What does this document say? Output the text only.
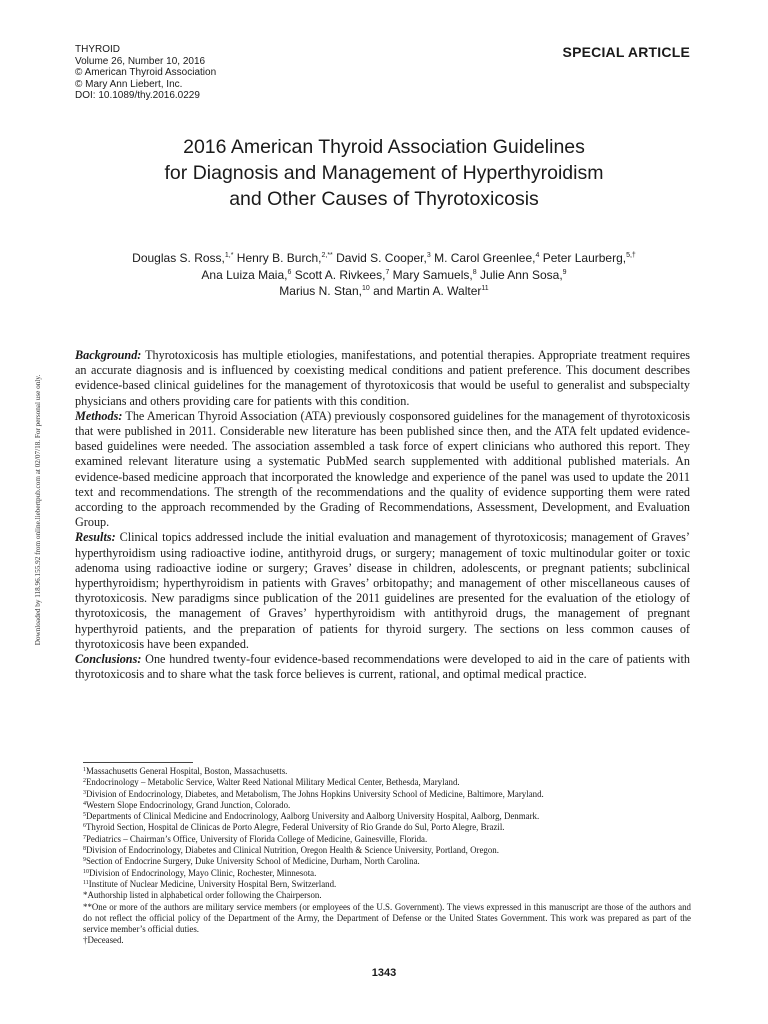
THYROID
Volume 26, Number 10, 2016
© American Thyroid Association
© Mary Ann Liebert, Inc.
DOI: 10.1089/thy.2016.0229
SPECIAL ARTICLE
2016 American Thyroid Association Guidelines
for Diagnosis and Management of Hyperthyroidism
and Other Causes of Thyrotoxicosis
Douglas S. Ross,$^{1,*}$ Henry B. Burch,$^{2,**}$ David S. Cooper,$^3$ M. Carol Greenlee,$^4$ Peter Laurberg,$^{5,\dagger}$
Ana Luiza Maia,$^6$ Scott A. Rivkees,$^7$ Mary Samuels,$^8$ Julie Ann Sosa,$^9$
Marius N. Stan,$^{10}$ and Martin A. Walter$^{11}$
Downloaded by 118.96.155.92 from online.liebertpub.com at 02/07/18. For personal use only.

Background: Thyrotoxicosis has multiple etiologies, manifestations, and potential therapies. Appropriate treatment requires an accurate diagnosis and is influenced by coexisting medical conditions and patient preference. This document describes evidence-based clinical guidelines for the management of thyrotoxicosis that would be useful to generalist and subspecialty physicians and others providing care for patients with this condition.

Methods: The American Thyroid Association (ATA) previously cosponsored guidelines for the management of thyrotoxicosis that were published in 2011. Considerable new literature has been published since then, and the ATA felt updated evidence-based guidelines were needed. The association assembled a task force of expert clinicians who authored this report. They examined relevant literature using a systematic PubMed search supplemented with additional published materials. An evidence-based medicine approach that incorporated the knowledge and experience of the panel was used to update the 2011 text and recommendations. The strength of the recommendations and the quality of evidence supporting them were rated according to the approach recommended by the Grading of Recommendations, Assessment, Development, and Evaluation Group.

Results: Clinical topics addressed include the initial evaluation and management of thyrotoxicosis; management of Graves’ hyperthyroidism using radioactive iodine, antithyroid drugs, or surgery; management of toxic multinodular goiter or toxic adenoma using radioactive iodine or surgery; Graves’ disease in children, adolescents, or pregnant patients; subclinical hyperthyroidism; hyperthyroidism in patients with Graves’ orbitopathy; and management of other miscellaneous causes of thyrotoxicosis. New paradigms since publication of the 2011 guidelines are presented for the evaluation of the etiology of thyrotoxicosis, the management of Graves’ hyperthyroidism with antithyroid drugs, the management of pregnant hyperthyroid patients, and the preparation of patients for thyroid surgery. The sections on less common causes of thyrotoxicosis have been expanded.

Conclusions: One hundred twenty-four evidence-based recommendations were developed to aid in the care of patients with thyrotoxicosis and to share what the task force believes is current, rational, and optimal medical practice.

$^1$Massachusetts General Hospital, Boston, Massachusetts.
$^2$Endocrinology – Metabolic Service, Walter Reed National Military Medical Center, Bethesda, Maryland.
$^3$Division of Endocrinology, Diabetes, and Metabolism, The Johns Hopkins University School of Medicine, Baltimore, Maryland.
$^4$Western Slope Endocrinology, Grand Junction, Colorado.
$^5$Departments of Clinical Medicine and Endocrinology, Aalborg University and Aalborg University Hospital, Aalborg, Denmark.
$^6$Thyroid Section, Hospital de Clinicas de Porto Alegre, Federal University of Rio Grande do Sul, Porto Alegre, Brazil.
$^7$Pediatrics – Chairman’s Office, University of Florida College of Medicine, Gainesville, Florida.
$^8$Division of Endocrinology, Diabetes and Clinical Nutrition, Oregon Health & Science University, Portland, Oregon.
$^9$Section of Endocrine Surgery, Duke University School of Medicine, Durham, North Carolina.
$^{10}$Division of Endocrinology, Mayo Clinic, Rochester, Minnesota.
$^{11}$Institute of Nuclear Medicine, University Hospital Bern, Switzerland.
*Authorship listed in alphabetical order following the Chairperson.
**One or more of the authors are military service members (or employees of the U.S. Government). The views expressed in this manuscript are those of the authors and do not reflect the official policy of the Department of the Army, the Department of Defense or the United States Government. This work was prepared as part of the service member’s official duties.
†Deceased.
1343
